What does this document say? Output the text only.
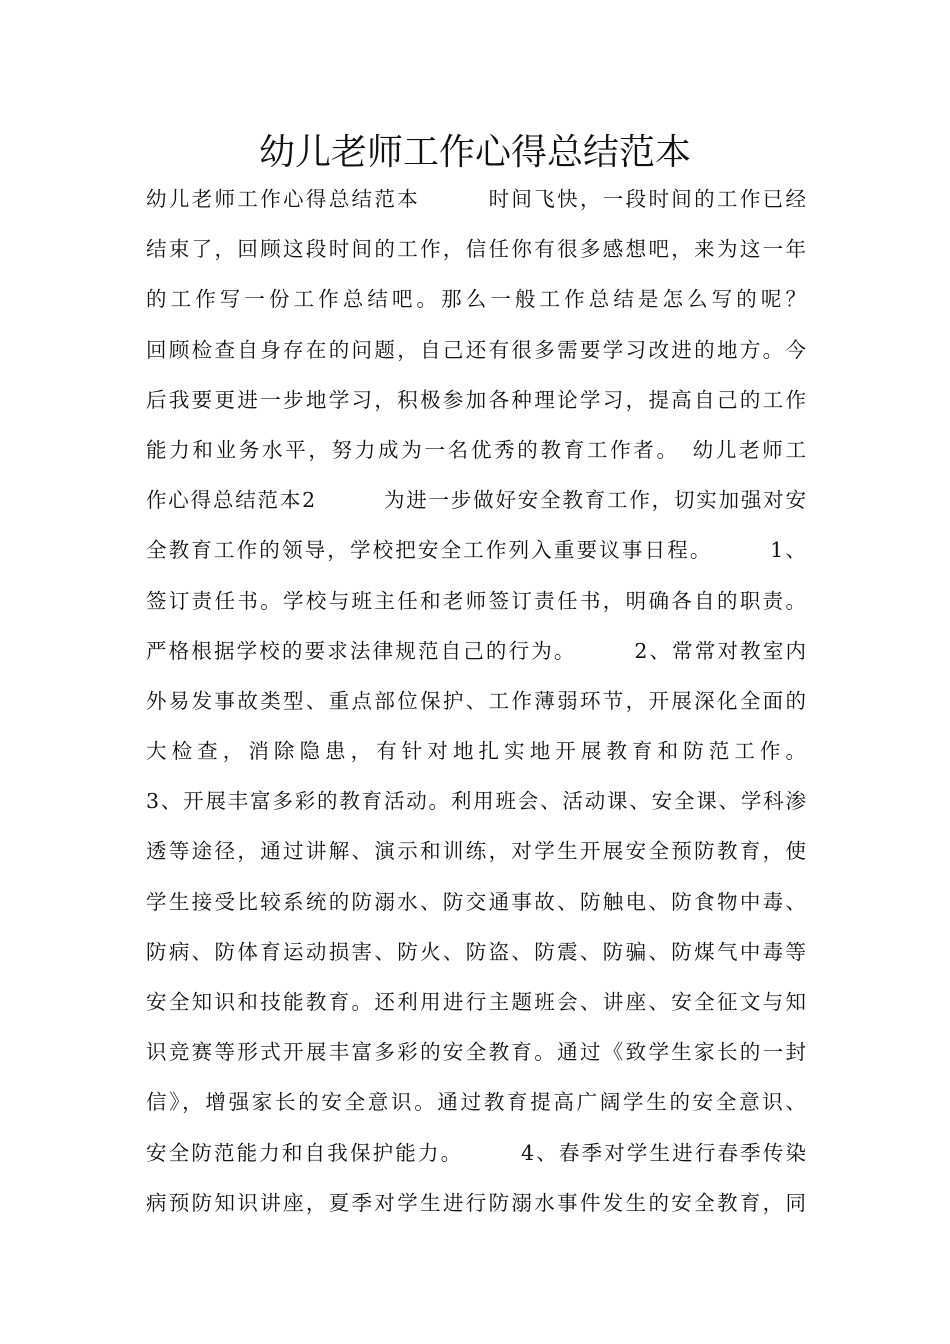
幼儿老师工作心得总结范本
幼儿老师工作心得总结范本　　　时间飞快，一段时间的工作已经
结束了，回顾这段时间的工作，信任你有很多感想吧，来为这一年
的工作写一份工作总结吧。那么一般工作总结是怎么写的呢？
回顾检查自身存在的问题，自己还有很多需要学习改进的地方。今
后我要更进一步地学习，积极参加各种理论学习，提高自己的工作
能力和业务水平，努力成为一名优秀的教育工作者。　幼儿老师工
作心得总结范本2　　　为进一步做好安全教育工作，切实加强对安
全教育工作的领导，学校把安全工作列入重要议事日程。　　　1、
签订责任书。学校与班主任和老师签订责任书，明确各自的职责。
严格根据学校的要求法律规范自己的行为。　　　2、常常对教室内
外易发事故类型、重点部位保护、工作薄弱环节，开展深化全面的
大检查，消除隐患，有针对地扎实地开展教育和防范工作。
3、开展丰富多彩的教育活动。利用班会、活动课、安全课、学科渗
透等途径，通过讲解、演示和训练，对学生开展安全预防教育，使
学生接受比较系统的防溺水、防交通事故、防触电、防食物中毒、
防病、防体育运动损害、防火、防盗、防震、防骗、防煤气中毒等
安全知识和技能教育。还利用进行主题班会、讲座、安全征文与知
识竞赛等形式开展丰富多彩的安全教育。通过《致学生家长的一封
信》，增强家长的安全意识。通过教育提高广阔学生的安全意识、
安全防范能力和自我保护能力。　　　4、春季对学生进行春季传染
病预防知识讲座，夏季对学生进行防溺水事件发生的安全教育，同
